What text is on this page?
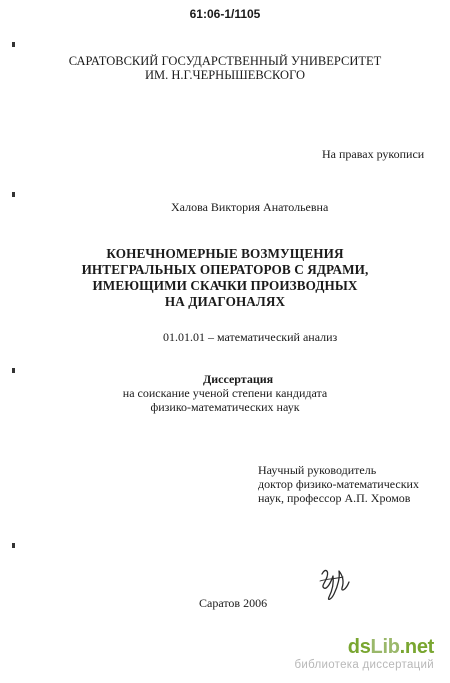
61:06-1/1105
САРАТОВСКИЙ ГОСУДАРСТВЕННЫЙ УНИВЕРСИТЕТ
ИМ. Н.Г.ЧЕРНЫШЕВСКОГО
На правах рукописи
Халова Виктория Анатольевна
КОНЕЧНОМЕРНЫЕ ВОЗМУЩЕНИЯ
ИНТЕГРАЛЬНЫХ ОПЕРАТОРОВ С ЯДРАМИ,
ИМЕЮЩИМИ СКАЧКИ ПРОИЗВОДНЫХ
НА ДИАГОНАЛЯХ
01.01.01 – математический анализ
Диссертация
на соискание ученой степени кандидата
физико-математических наук
Научный руководитель
доктор физико-математических
наук, профессор А.П. Хромов
Саратов 2006
dsLib.net
библиотека диссертаций
